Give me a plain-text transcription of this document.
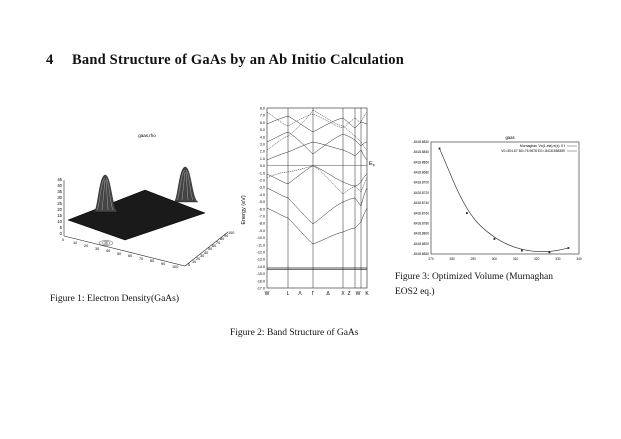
4 Band Structure of GaAs by an Ab Initio Calculation
gaas.rho
45
40
35
30
25
20
15
10
5
0
0
10
20
30 40
50 60
70 80
90
100	0
10
20
30
40
50
60
70
80
90
100
Figure 1: Electron Density(GaAs)
Energy (eV)
8.0
7.0
6.0
5.0
4.0
3.0
2.0
1.0
0.0
-1.0
-2.0
-3.0
-4.0
-5.0
-6.0
-7.0
-8.0
-9.0
-10.0
-11.0
-12.0
-13.0
-14.0
-15.0
-16.0
-17.0
$E_F$
W	L Λ Γ Δ X Z W K
Figure 2: Band Structure of GaAs
gaas
Murnaghan 'Vo(1-eta) e(x): 0.f
V0=304.67 B0=75.9678 E0=-8418.858359
-8418.8820
-8418.8840
-8418.8860
-8418.8680
-8418.8700
-8418.8720
-8418.8740
-8418.8760
-8418.8780
-8418.8800
-8418.8820
-8418.8840
270	280	290	300	310	320	330	340
Figure 3: Optimized Volume (Murnaghan
EOS2 eq.)
